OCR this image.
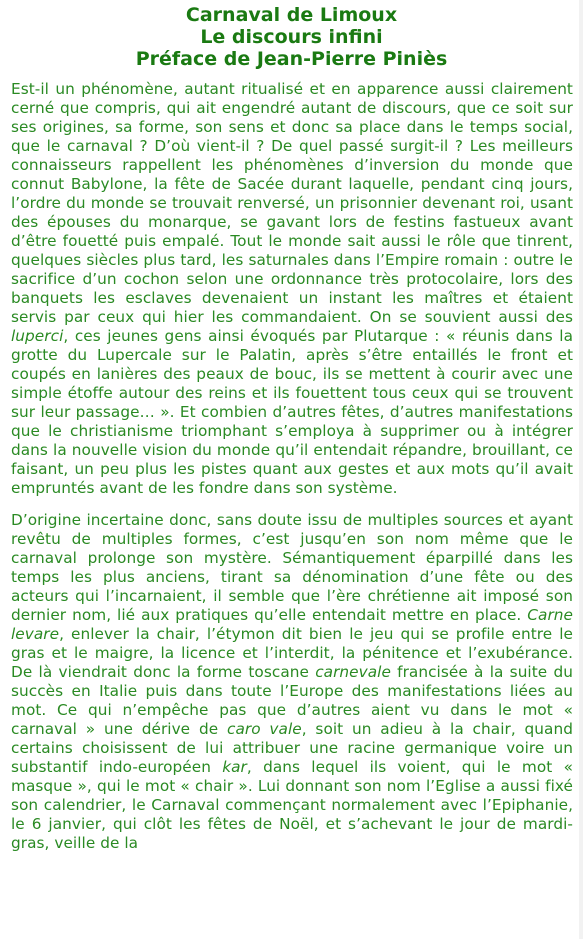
Carnaval de Limoux
Le discours infini
Préface de Jean-Pierre Piniès

Est-il un phénomène, autant ritualisé et en apparence aussi clairement cerné que compris, qui ait engendré autant de discours, que ce soit sur ses origines, sa forme, son sens et donc sa place dans le temps social, que le carnaval ? D’où vient-il ? De quel passé surgit-il ? Les meilleurs connaisseurs rappellent les phénomènes d’inversion du monde que connut Babylone, la fête de Sacée durant laquelle, pendant cinq jours, l’ordre du monde se trouvait renversé, un prisonnier devenant roi, usant des épouses du monarque, se gavant lors de festins fastueux avant d’être fouetté puis empalé. Tout le monde sait aussi le rôle que tinrent, quelques siècles plus tard, les saturnales dans l’Empire romain : outre le sacrifice d’un cochon selon une ordonnance très protocolaire, lors des banquets les esclaves devenaient un instant les maîtres et étaient servis par ceux qui hier les commandaient. On se souvient aussi des luperci, ces jeunes gens ainsi évoqués par Plutarque : « réunis dans la grotte du Lupercale sur le Palatin, après s’être entaillés le front et coupés en lanières des peaux de bouc, ils se mettent à courir avec une simple étoffe autour des reins et ils fouettent tous ceux qui se trouvent sur leur passage… ». Et combien d’autres fêtes, d’autres manifestations que le christianisme triomphant s’employa à supprimer ou à intégrer dans la nouvelle vision du monde qu’il entendait répandre, brouillant, ce faisant, un peu plus les pistes quant aux gestes et aux mots qu’il avait empruntés avant de les fondre dans son système.

D’origine incertaine donc, sans doute issu de multiples sources et ayant revêtu de multiples formes, c’est jusqu’en son nom même que le carnaval prolonge son mystère. Sémantiquement éparpillé dans les temps les plus anciens, tirant sa dénomination d’une fête ou des acteurs qui l’incarnaient, il semble que l’ère chrétienne ait imposé son dernier nom, lié aux pratiques qu’elle entendait mettre en place. Carne levare, enlever la chair, l’étymon dit bien le jeu qui se profile entre le gras et le maigre, la licence et l’interdit, la pénitence et l’exubérance. De là viendrait donc la forme toscane carnevale francisée à la suite du succès en Italie puis dans toute l’Europe des manifestations liées au mot. Ce qui n’empêche pas que d’autres aient vu dans le mot « carnaval » une dérive de caro vale, soit un adieu à la chair, quand certains choisissent de lui attribuer une racine germanique voire un substantif indo-européen kar, dans lequel ils voient, qui le mot « masque », qui le mot « chair ». Lui donnant son nom l’Eglise a aussi fixé son calendrier, le Carnaval commençant normalement avec l’Epiphanie, le 6 janvier, qui clôt les fêtes de Noël, et s’achevant le jour de mardi-gras, veille de la
